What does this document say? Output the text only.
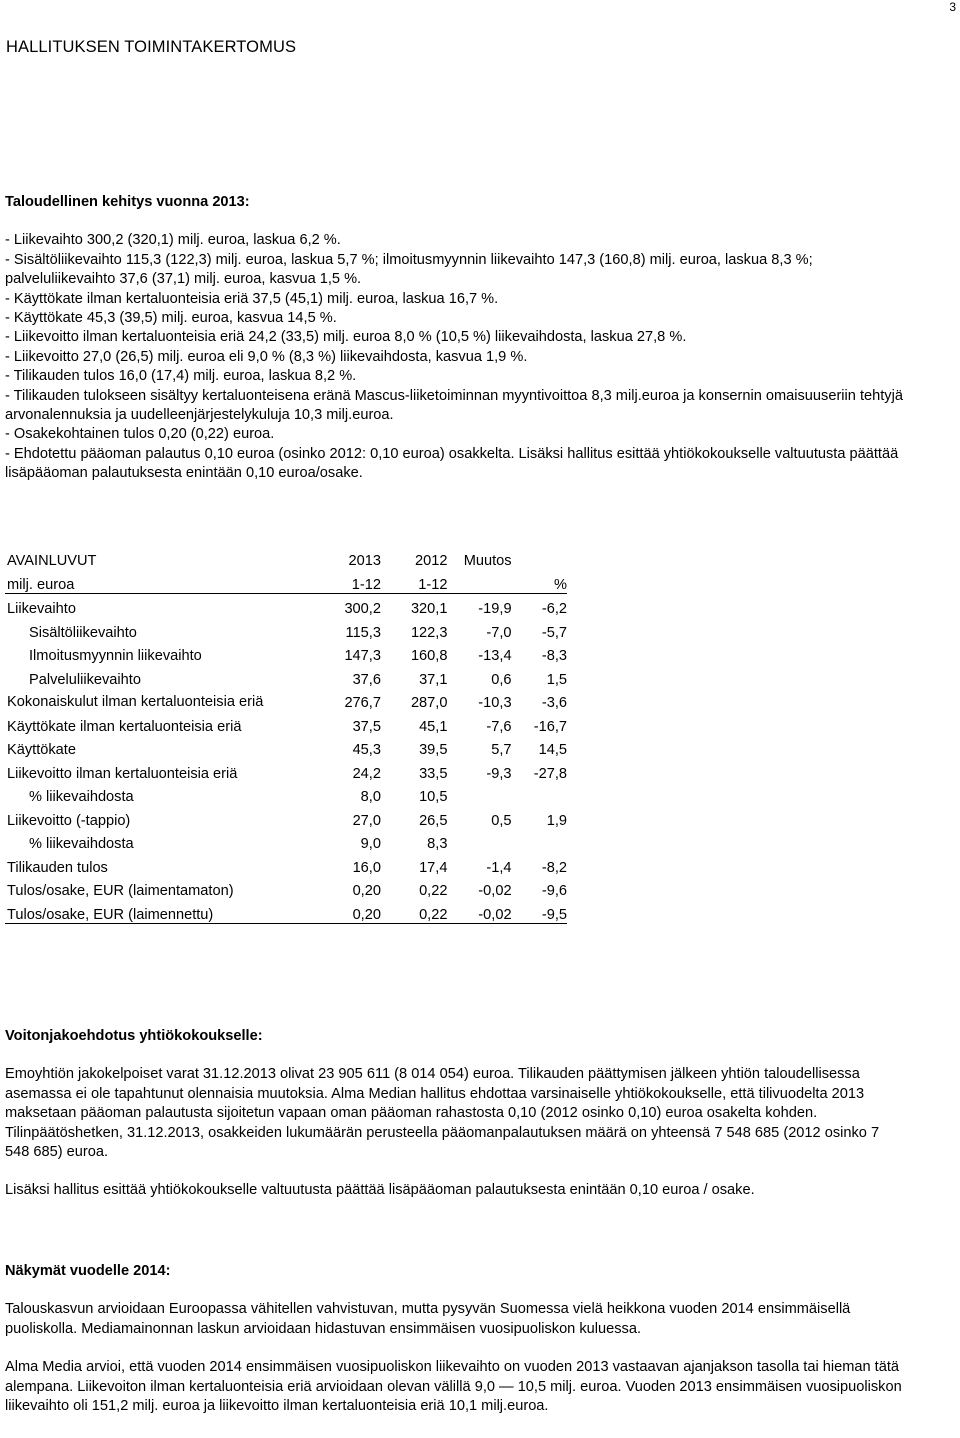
3
HALLITUKSEN TOIMINTAKERTOMUS
Taloudellinen kehitys vuonna 2013:
- Liikevaihto 300,2 (320,1) milj. euroa, laskua 6,2 %.
- Sisältöliikevaihto 115,3 (122,3) milj. euroa, laskua 5,7 %; ilmoitusmyynnin liikevaihto 147,3 (160,8) milj. euroa, laskua 8,3 %; palveluliikevaihto 37,6 (37,1) milj. euroa, kasvua 1,5 %.
- Käyttökate ilman kertaluonteisia eriä 37,5 (45,1) milj. euroa, laskua 16,7 %.
- Käyttökate 45,3 (39,5) milj. euroa, kasvua 14,5 %.
- Liikevoitto ilman kertaluonteisia eriä 24,2 (33,5) milj. euroa 8,0 % (10,5 %) liikevaihdosta, laskua 27,8 %.
- Liikevoitto 27,0 (26,5) milj. euroa eli 9,0 % (8,3 %) liikevaihdosta, kasvua 1,9 %.
- Tilikauden tulos 16,0 (17,4) milj. euroa, laskua 8,2 %.
- Tilikauden tulokseen sisältyy kertaluonteisena eränä Mascus-liiketoiminnan myyntivoittoa 8,3 milj.euroa ja konsernin omaisuuseriin tehtyjä arvonalennuksia ja uudelleenjärjestelykuluja 10,3 milj.euroa.
- Osakekohtainen tulos 0,20 (0,22) euroa.
- Ehdotettu pääoman palautus 0,10 euroa (osinko 2012: 0,10 euroa) osakkelta. Lisäksi hallitus esittää yhtiökokoukselle valtuutusta päättää lisäpääoman palautuksesta enintään 0,10 euroa/osake.
AVAINLUVUT	2013	2012	Muutos	
milj. euroa	1-12	1-12		%
Liikevaihto	300,2	320,1	-19,9	-6,2
Sisältöliikevaihto	115,3	122,3	-7,0	-5,7
Ilmoitusmyynnin liikevaihto	147,3	160,8	-13,4	-8,3
Palveluliikevaihto	37,6	37,1	0,6	1,5
Kokonaiskulut ilman kertaluonteisia eriä	276,7	287,0	-10,3	-3,6
Käyttökate ilman kertaluonteisia eriä	37,5	45,1	-7,6	-16,7
Käyttökate	45,3	39,5	5,7	14,5
Liikevoitto ilman kertaluonteisia eriä	24,2	33,5	-9,3	-27,8
% liikevaihdosta	8,0	10,5		
Liikevoitto (-tappio)	27,0	26,5	0,5	1,9
% liikevaihdosta	9,0	8,3		
Tilikauden tulos	16,0	17,4	-1,4	-8,2
Tulos/osake, EUR (laimentamaton)	0,20	0,22	-0,02	-9,6
Tulos/osake, EUR (laimennettu)	0,20	0,22	-0,02	-9,5
Voitonjakoehdotus yhtiökokoukselle:

Emoyhtiön jakokelpoiset varat 31.12.2013 olivat 23 905 611 (8 014 054) euroa. Tilikauden päättymisen jälkeen yhtiön taloudellisessa asemassa ei ole tapahtunut olennaisia muutoksia. Alma Median hallitus ehdottaa varsinaiselle yhtiökokoukselle, että tilivuodelta 2013 maksetaan pääoman palautusta sijoitetun vapaan oman pääoman rahastosta 0,10 (2012 osinko 0,10) euroa osakelta kohden. Tilinpäätöshetken, 31.12.2013, osakkeiden lukumäärän perusteella pääomanpalautuksen määrä on yhteensä 7 548 685 (2012 osinko 7 548 685) euroa.

Lisäksi hallitus esittää yhtiökokoukselle valtuutusta päättää lisäpääoman palautuksesta enintään 0,10 euroa / osake.

Näkymät vuodelle 2014:

Talouskasvun arvioidaan Euroopassa vähitellen vahvistuvan, mutta pysyvän Suomessa vielä heikkona vuoden 2014 ensimmäisellä puoliskolla. Mediamainonnan laskun arvioidaan hidastuvan ensimmäisen vuosipuoliskon kuluessa.

Alma Media arvioi, että vuoden 2014 ensimmäisen vuosipuoliskon liikevaihto on vuoden 2013 vastaavan ajanjakson tasolla tai hieman tätä alempana. Liikevoiton ilman kertaluonteisia eriä arvioidaan olevan välillä 9,0 — 10,5 milj. euroa. Vuoden 2013 ensimmäisen vuosipuoliskon liikevaihto oli 151,2 milj. euroa ja liikevoitto ilman kertaluonteisia eriä 10,1 milj.euroa.
